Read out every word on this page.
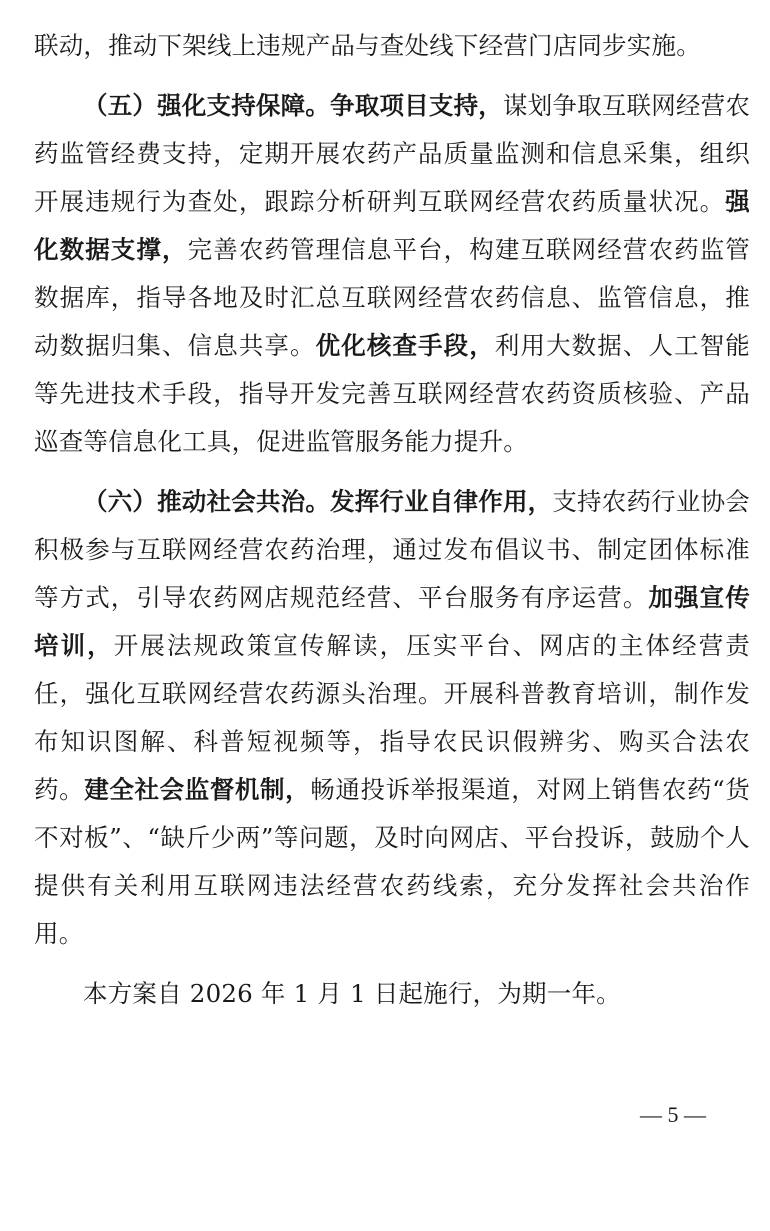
联动，推动下架线上违规产品与查处线下经营门店同步实施。

（五）强化支持保障。争取项目支持，谋划争取互联网经营农药监管经费支持，定期开展农药产品质量监测和信息采集，组织开展违规行为查处，跟踪分析研判互联网经营农药质量状况。强化数据支撑，完善农药管理信息平台，构建互联网经营农药监管数据库，指导各地及时汇总互联网经营农药信息、监管信息，推动数据归集、信息共享。优化核查手段，利用大数据、人工智能等先进技术手段，指导开发完善互联网经营农药资质核验、产品巡查等信息化工具，促进监管服务能力提升。

（六）推动社会共治。发挥行业自律作用，支持农药行业协会积极参与互联网经营农药治理，通过发布倡议书、制定团体标准等方式，引导农药网店规范经营、平台服务有序运营。加强宣传培训，开展法规政策宣传解读，压实平台、网店的主体经营责任，强化互联网经营农药源头治理。开展科普教育培训，制作发布知识图解、科普短视频等，指导农民识假辨劣、购买合法农药。建全社会监督机制，畅通投诉举报渠道，对网上销售农药“货不对板”、“缺斤少两”等问题，及时向网店、平台投诉，鼓励个人提供有关利用互联网违法经营农药线索，充分发挥社会共治作用。

本方案自 2026 年 1 月 1 日起施行，为期一年。

— 5 —
